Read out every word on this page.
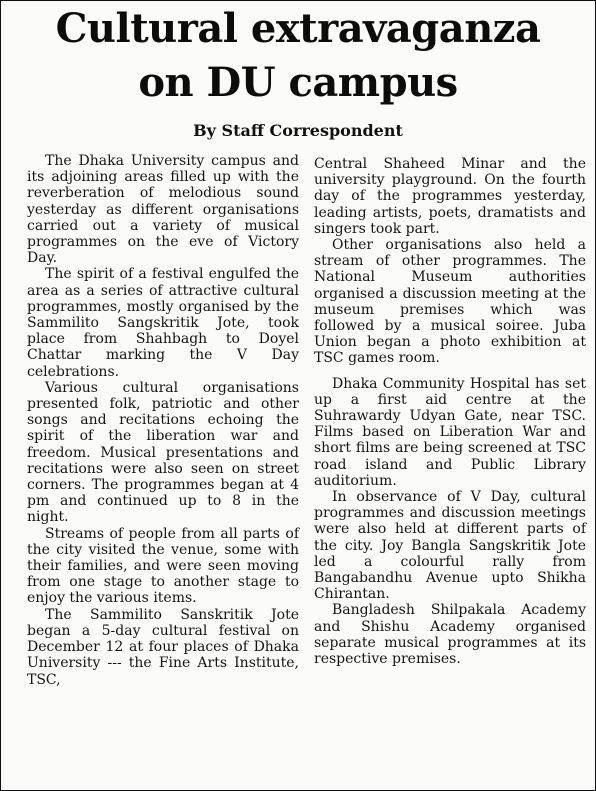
Cultural extravaganza
on DU campus
By Staff Correspondent

The Dhaka University campus and its adjoining areas filled up with the reverberation of melodious sound yesterday as different organisations carried out a variety of musical programmes on the eve of Victory Day.

The spirit of a festival engulfed the area as a series of attractive cultural programmes, mostly organised by the Sammilito Sangskritik Jote, took place from Shahbagh to Doyel Chattar marking the V Day celebrations.

Various cultural organisations presented folk, patriotic and other songs and recitations echoing the spirit of the liberation war and freedom. Musical presentations and recitations were also seen on street corners. The programmes began at 4 pm and continued up to 8 in the night.

Streams of people from all parts of the city visited the venue, some with their families, and were seen moving from one stage to another stage to enjoy the various items.

The Sammilito Sanskritik Jote began a 5-day cultural festival on December 12 at four places of Dhaka University --- the Fine Arts Institute, TSC,

Central Shaheed Minar and the university playground. On the fourth day of the programmes yesterday, leading artists, poets, dramatists and singers took part.

Other organisations also held a stream of other programmes. The National Museum authorities organised a discussion meeting at the museum premises which was followed by a musical soiree. Juba Union began a photo exhibition at TSC games room.

Dhaka Community Hospital has set up a first aid centre at the Suhrawardy Udyan Gate, near TSC. Films based on Liberation War and short films are being screened at TSC road island and Public Library auditorium.

In observance of V Day, cultural programmes and discussion meetings were also held at different parts of the city. Joy Bangla Sangskritik Jote led a colourful rally from Bangabandhu Avenue upto Shikha Chirantan.

Bangladesh Shilpakala Academy and Shishu Academy organised separate musical programmes at its respective premises.
